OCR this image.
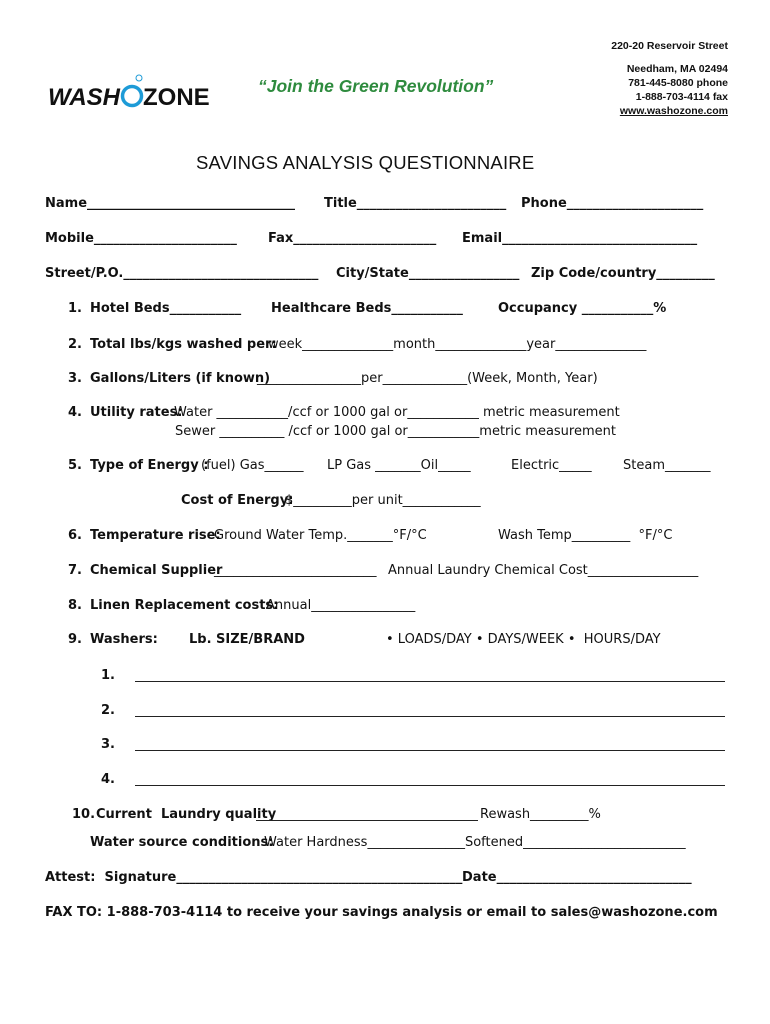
220-20 Reservoir Street
Needham, MA 02494
781-445-8080 phone
1-888-703-4114 fax
www.washozone.com
WASH ZONE	“Join the Green Revolution”
SAVINGS ANALYSIS QUESTIONNAIRE
Name________________________________ Title_______________________ Phone_____________________
Mobile______________________ Fax______________________ Email______________________________
Street/P.O.______________________________ City/State_________________ Zip Code/country_________
1. Hotel Beds___________ Healthcare Beds___________	Occupancy ___________%
2. Total lbs/kgs washed per:
week______________month______________year______________
3. Gallons/Liters (if known)
________________per_____________(Week, Month, Year)
4. Utility rates:
Water ___________/ccf or 1000 gal or___________ metric measurement
Sewer __________ /ccf or 1000 gal or___________metric measurement
5. Type of Energy :
(fuel) Gas______ LP Gas _______Oil_____	Electric_____ Steam_______
Cost of Energy:
$_________per unit____________
6. Temperature rise:
Ground Water Temp._______°F/°C	Wash Temp_________  °F/°C
7. Chemical Supplier
_________________________ Annual Laundry Chemical Cost_________________
8. Linen Replacement costs:
Annual________________
9. Washers: Lb. SIZE/BRAND	• LOADS/DAY • DAYS/WEEK •  HOURS/DAY
1.
2.
3.
4.
10. Current  Laundry quality	Rewash_________%
Water source conditions:
Water Hardness_______________Softened_________________________
Attest:  Signature____________________________________________ Date______________________________
FAX TO: 1-888-703-4114 to receive your savings analysis or email to sales@washozone.com
